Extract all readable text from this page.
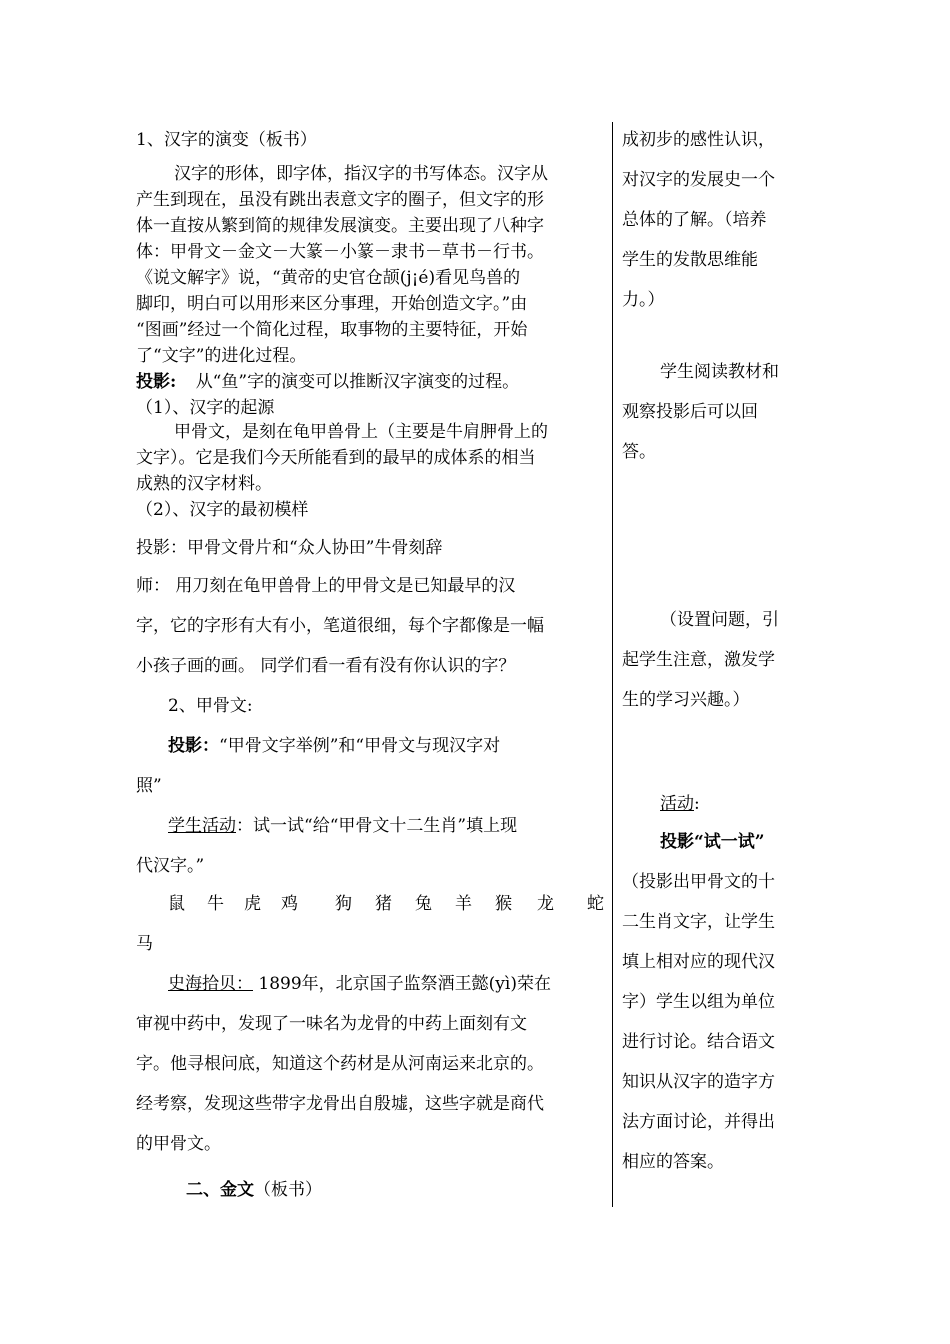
1、汉字的演变（板书）
汉字的形体，即字体，指汉字的书写体态。汉字从
产生到现在，虽没有跳出表意文字的圈子，但文字的形
体一直按从繁到简的规律发展演变。主要出现了八种字
体：甲骨文－金文－大篆－小篆－隶书－草书－行书。
《说文解字》说，“黄帝的史官仓颉(j¡é)看见鸟兽的
脚印，明白可以用形来区分事理，开始创造文字。”由
“图画”经过一个简化过程，取事物的主要特征，开始
了“文字”的进化过程。
投影: 从“鱼”字的演变可以推断汉字演变的过程。
（1）、汉字的起源
甲骨文，是刻在龟甲兽骨上（主要是牛肩胛骨上的
文字）。它是我们今天所能看到的最早的成体系的相当
成熟的汉字材料。
（2）、汉字的最初模样
投影：甲骨文骨片和“众人协田”牛骨刻辞
师： 用刀刻在龟甲兽骨上的甲骨文是已知最早的汉
字，它的字形有大有小，笔道很细，每个字都像是一幅
小孩子画的画。 同学们看一看有没有你认识的字？
2、甲骨文:
投影：“甲骨文字举例”和“甲骨文与现汉字对
照”
学生活动：试一试“给“甲骨文十二生肖”填上现
代汉字。”
鼠 牛 虎 鸡 狗 猪 兔 羊 猴 龙 蛇
马
史海拾贝： 1899年，北京国子监祭酒王懿(yì)荣在
审视中药中，发现了一味名为龙骨的中药上面刻有文
字。他寻根问底，知道这个药材是从河南运来北京的。
经考察，发现这些带字龙骨出自殷墟，这些字就是商代
的甲骨文。
二、金文（板书）
成初步的感性认识，
对汉字的发展史一个
总体的了解。（培养
学生的发散思维能
力。）
学生阅读教材和
观察投影后可以回
答。
（设置问题，引
起学生注意，激发学
生的学习兴趣。）
活动:
投影“试一试”
（投影出甲骨文的十
二生肖文字，让学生
填上相对应的现代汉
字）学生以组为单位
进行讨论。结合语文
知识从汉字的造字方
法方面讨论，并得出
相应的答案。
